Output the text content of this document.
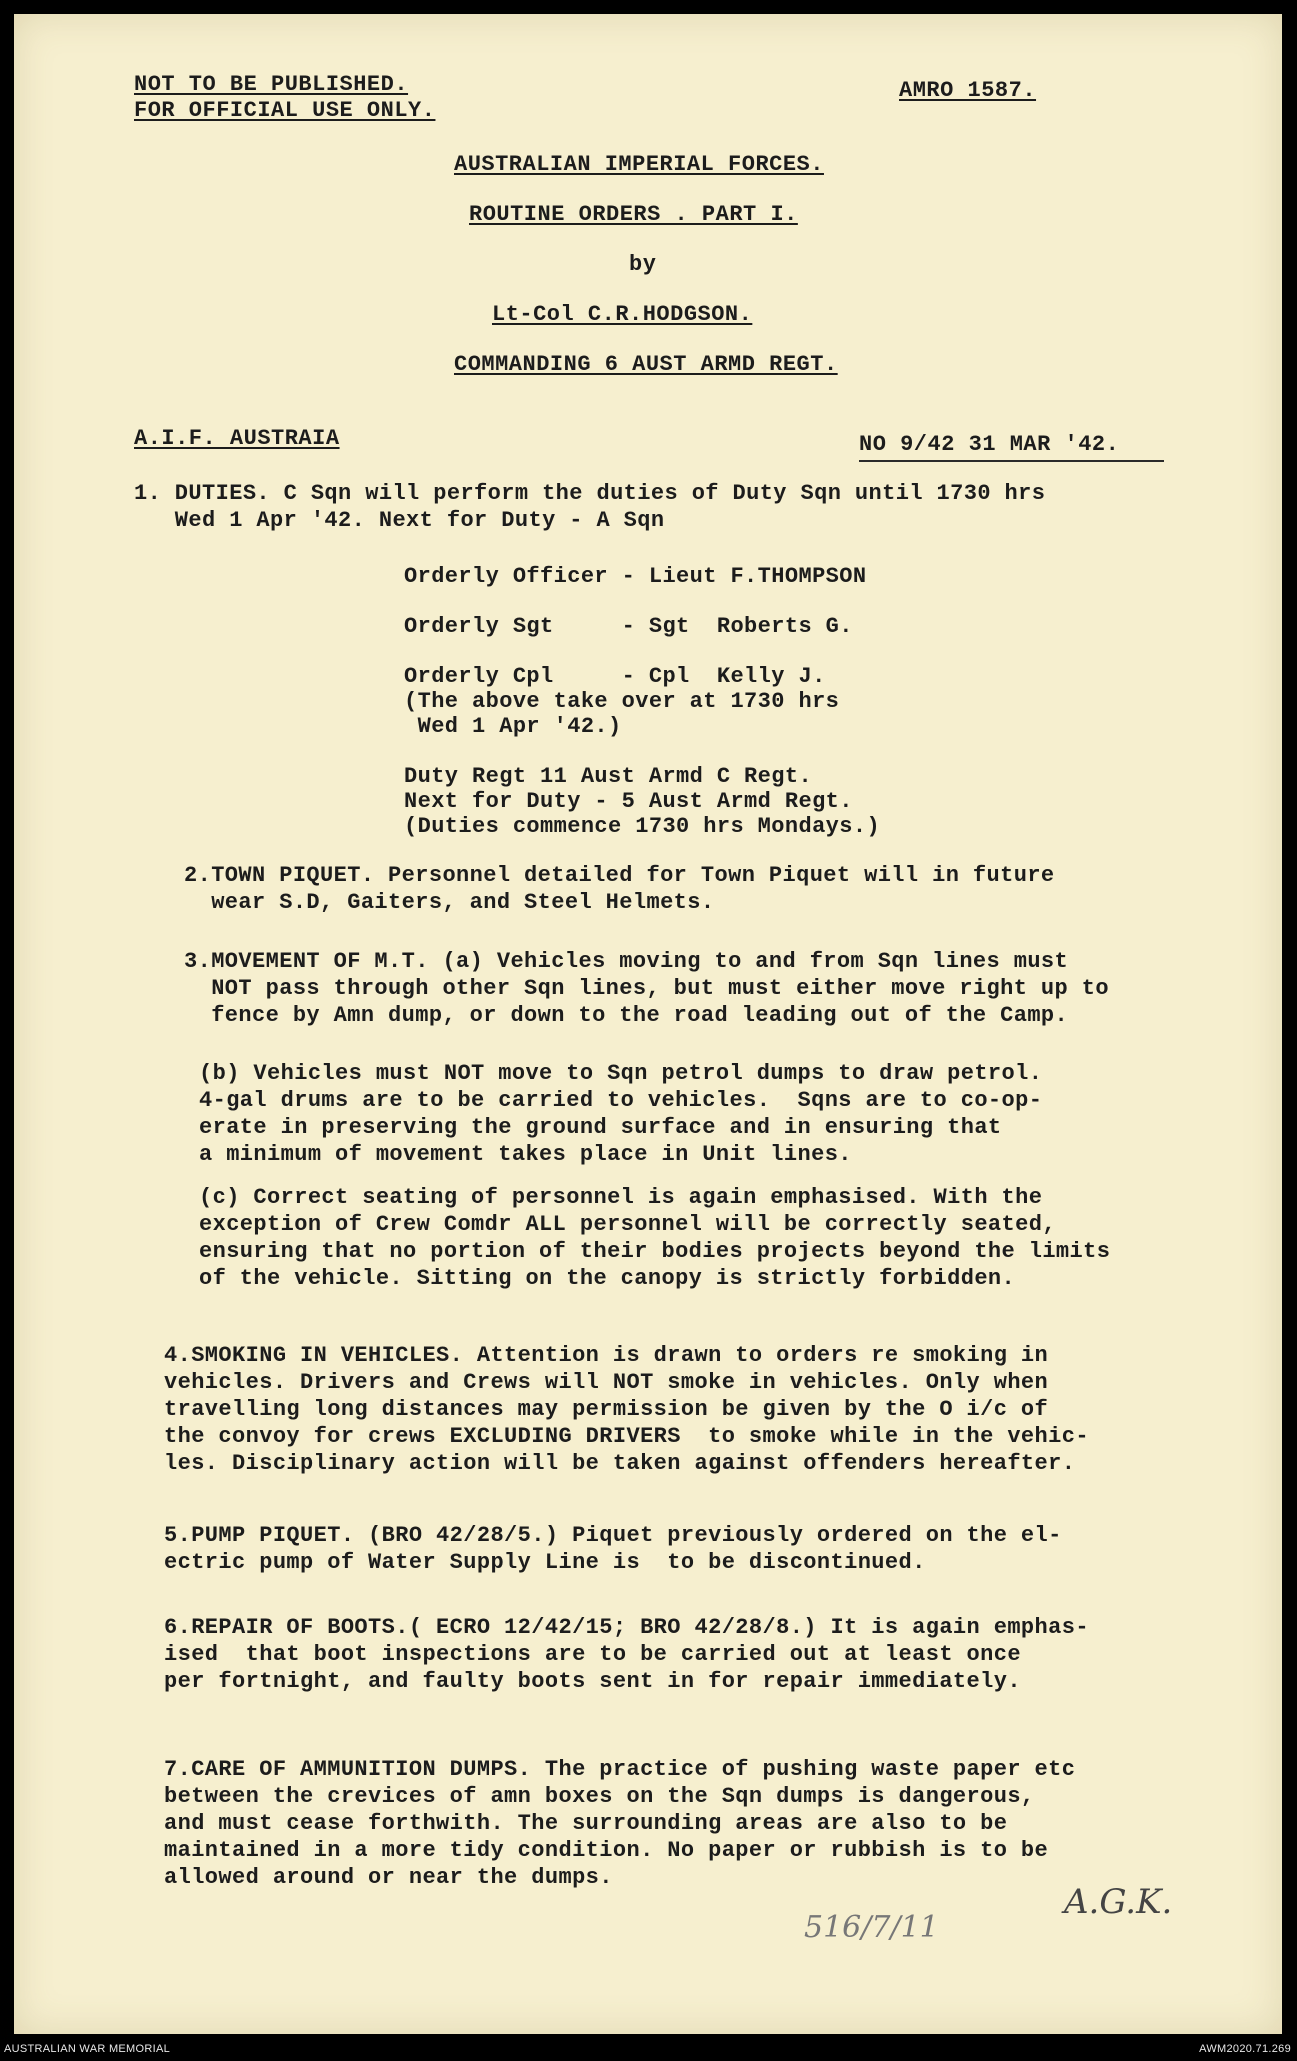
NOT TO BE PUBLISHED.
FOR OFFICIAL USE ONLY.
AMRO 1587.
AUSTRALIAN IMPERIAL FORCES.
ROUTINE ORDERS . PART I.
by
Lt-Col C.R.HODGSON.
COMMANDING 6 AUST ARMD REGT.
A.I.F. AUSTRAIA	NO 9/42 31 MAR '42.
1. DUTIES. C Sqn will perform the duties of Duty Sqn until 1730 hrs
Wed 1 Apr '42. Next for Duty - A Sqn
Orderly Officer - Lieut F.THOMPSON

Orderly Sgt     - Sgt  Roberts G.

Orderly Cpl     - Cpl  Kelly J.
(The above take over at 1730 hrs
Wed 1 Apr '42.)

Duty Regt 11 Aust Armd C Regt.
Next for Duty - 5 Aust Armd Regt.
(Duties commence 1730 hrs Mondays.)
2.TOWN PIQUET. Personnel detailed for Town Piquet will in future
wear S.D, Gaiters, and Steel Helmets.
3.MOVEMENT OF M.T. (a) Vehicles moving to and from Sqn lines must
NOT pass through other Sqn lines, but must either move right up to
fence by Amn dump, or down to the road leading out of the Camp.
(b) Vehicles must NOT move to Sqn petrol dumps to draw petrol.
4-gal drums are to be carried to vehicles.  Sqns are to co-op-
erate in preserving the ground surface and in ensuring that
a minimum of movement takes place in Unit lines.
(c) Correct seating of personnel is again emphasised. With the
exception of Crew Comdr ALL personnel will be correctly seated,
ensuring that no portion of their bodies projects beyond the limits
of the vehicle. Sitting on the canopy is strictly forbidden.
4.SMOKING IN VEHICLES. Attention is drawn to orders re smoking in
vehicles. Drivers and Crews will NOT smoke in vehicles. Only when
travelling long distances may permission be given by the O i/c of
the convoy for crews EXCLUDING DRIVERS  to smoke while in the vehic-
les. Disciplinary action will be taken against offenders hereafter.
5.PUMP PIQUET. (BRO 42/28/5.) Piquet previously ordered on the el-
ectric pump of Water Supply Line is  to be discontinued.
6.REPAIR OF BOOTS.( ECRO 12/42/15; BRO 42/28/8.) It is again emphas-
ised  that boot inspections are to be carried out at least once
per fortnight, and faulty boots sent in for repair immediately.
7.CARE OF AMMUNITION DUMPS. The practice of pushing waste paper etc
between the crevices of amn boxes on the Sqn dumps is dangerous,
and must cease forthwith. The surrounding areas are also to be
maintained in a more tidy condition. No paper or rubbish is to be
allowed around or near the dumps.
516/7/11
A.G.K.
AUSTRALIAN WAR MEMORIAL	AWM2020.71.269
